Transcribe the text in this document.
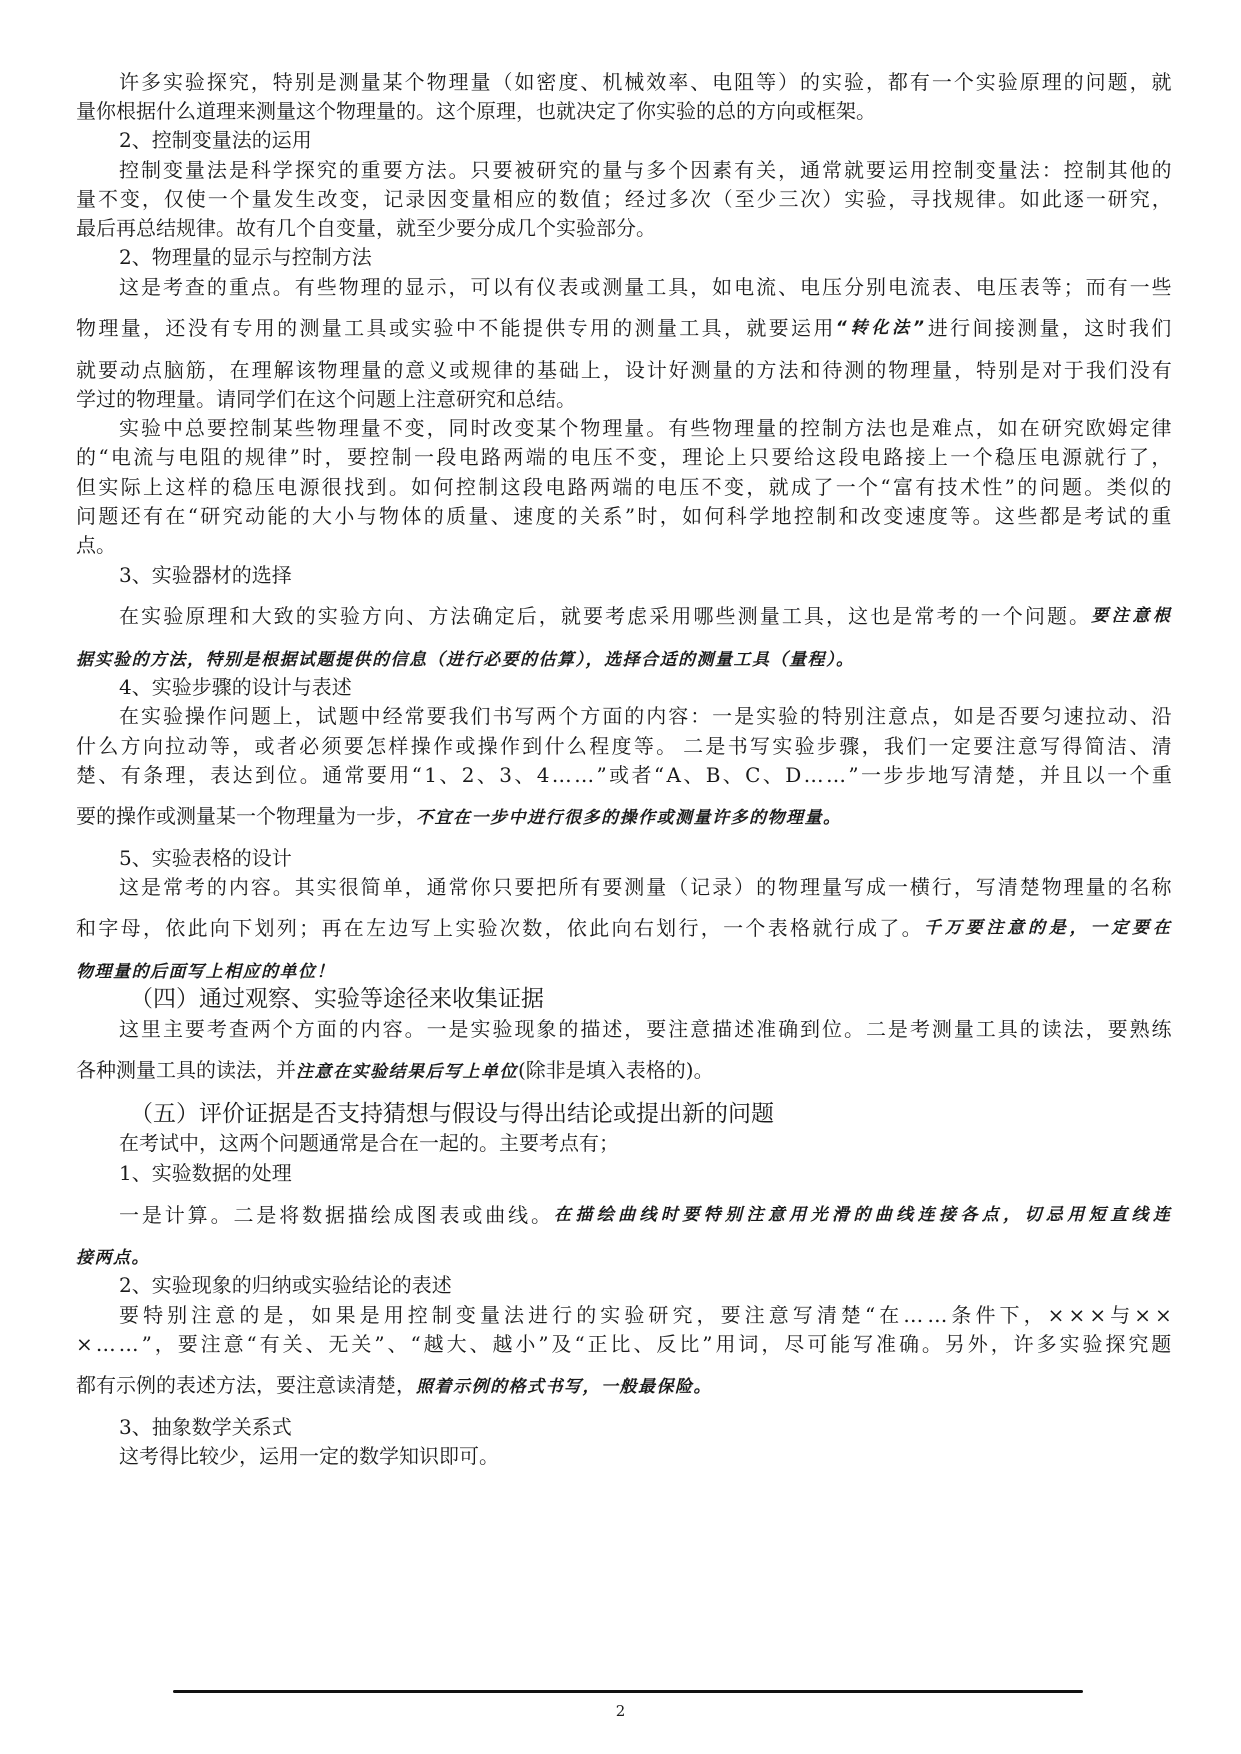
许 多 实 验 探 究 ， 特 别 是 测 量 某 个 物 理 量 （ 如 密 度 、 机 械 效 率 、 电 阻 等 ） 的 实 验 ， 都 有 一 个 实 验 原 理 的 问 题 ， 就
量你根据什么道理来测量这个物理量的。这个原理，也就决定了你实验的总的方向或框架。
2、控制变量法的运用
控 制 变 量 法 是 科 学 探 究 的 重 要 方 法 。 只 要 被 研 究 的 量 与 多 个 因 素 有 关 ， 通 常 就 要 运 用 控 制 变 量 法 ： 控 制 其 他 的
量 不 变 ， 仅 使 一 个 量 发 生 改 变 ， 记 录 因 变 量 相 应 的 数 值 ； 经 过 多 次 （ 至 少 三 次 ） 实 验 ， 寻 找 规 律 。 如 此 逐 一 研 究 ，
最后再总结规律。故有几个自变量，就至少要分成几个实验部分。
2、物理量的显示与控制方法
这 是 考 查 的 重 点 。 有 些 物 理 的 显 示 ， 可 以 有 仪 表 或 测 量 工 具 ， 如 电 流 、 电 压 分 别 电 流 表 、 电 压 表 等 ； 而 有 一 些
物 理 量 ， 还 没 有 专 用 的 测 量 工 具 或 实 验 中 不 能 提 供 专 用 的 测 量 工 具 ， 就 要 运 用 “ 转 化 法 ” 进 行 间 接 测 量 ， 这 时 我 们
就 要 动 点 脑 筋 ， 在 理 解 该 物 理 量 的 意 义 或 规 律 的 基 础 上 ， 设 计 好 测 量 的 方 法 和 待 测 的 物 理 量 ， 特 别 是 对 于 我 们 没 有
学过的物理量。请同学们在这个问题上注意研究和总结。
实 验 中 总 要 控 制 某 些 物 理 量 不 变 ， 同 时 改 变 某 个 物 理 量 。 有 些 物 理 量 的 控 制 方 法 也 是 难 点 ， 如 在 研 究 欧 姆 定 律
的 “ 电 流 与 电 阻 的 规 律 ” 时 ， 要 控 制 一 段 电 路 两 端 的 电 压 不 变 ， 理 论 上 只 要 给 这 段 电 路 接 上 一 个 稳 压 电 源 就 行 了 ，
但 实 际 上 这 样 的 稳 压 电 源 很 找 到 。 如 何 控 制 这 段 电 路 两 端 的 电 压 不 变 ， 就 成 了 一 个 “ 富 有 技 术 性 ” 的 问 题 。 类 似 的
问 题 还 有 在 “ 研 究 动 能 的 大 小 与 物 体 的 质 量 、 速 度 的 关 系 ” 时 ， 如 何 科 学 地 控 制 和 改 变 速 度 等 。 这 些 都 是 考 试 的 重
点。
3、实验器材的选择
在 实 验 原 理 和 大 致 的 实 验 方 向 、 方 法 确 定 后 ， 就 要 考 虑 采 用 哪 些 测 量 工 具 ， 这 也 是 常 考 的 一 个 问 题 。 要 注 意 根
据实验的方法，特别是根据试题提供的信息（进行必要的估算），选择合适的测量工具（量程）。
4、实验步骤的设计与表述
在 实 验 操 作 问 题 上 ， 试 题 中 经 常 要 我 们 书 写 两 个 方 面 的 内 容 ： 一 是 实 验 的 特 别 注 意 点 ， 如 是 否 要 匀 速 拉 动 、 沿
什 么 方 向 拉 动 等 ， 或 者 必 须 要 怎 样 操 作 或 操 作 到 什 么 程 度 等 。 二 是 书 写 实 验 步 骤 ， 我 们 一 定 要 注 意 写 得 简 洁 、 清
楚 、 有 条 理 ， 表 达 到 位 。 通 常 要 用 “ 1 、 2 、 3 、 4 … … ” 或 者 “ A 、 B 、 C 、 D … … ” 一 步 步 地 写 清 楚 ， 并 且 以 一 个 重
要的操作或测量某一个物理量为一步，不宜在一步中进行很多的操作或测量许多的物理量。
5、实验表格的设计
这 是 常 考 的 内 容 。 其 实 很 简 单 ， 通 常 你 只 要 把 所 有 要 测 量 （ 记 录 ） 的 物 理 量 写 成 一 横 行 ， 写 清 楚 物 理 量 的 名 称
和 字 母 ， 依 此 向 下 划 列 ； 再 在 左 边 写 上 实 验 次 数 ， 依 此 向 右 划 行 ， 一 个 表 格 就 行 成 了 。 千 万 要 注 意 的 是 ， 一 定 要 在
物理量的后面写上相应的单位！
（四）通过观察、实验等途径来收集证据
这 里 主 要 考 查 两 个 方 面 的 内 容 。 一 是 实 验 现 象 的 描 述 ， 要 注 意 描 述 准 确 到 位 。 二 是 考 测 量 工 具 的 读 法 ， 要 熟 练
各种测量工具的读法，并注意在实验结果后写上单位(除非是填入表格的)。
（五）评价证据是否支持猜想与假设与得出结论或提出新的问题
在考试中，这两个问题通常是合在一起的。主要考点有；
1、实验数据的处理
一 是 计 算 。 二 是 将 数 据 描 绘 成 图 表 或 曲 线 。 在 描 绘 曲 线 时 要 特 别 注 意 用 光 滑 的 曲 线 连 接 各 点 ， 切 忌 用 短 直 线 连
接两点。
2、实验现象的归纳或实验结论的表述
要 特 别 注 意 的 是 ， 如 果 是 用 控 制 变 量 法 进 行 的 实 验 研 究 ， 要 注 意 写 清 楚 “ 在 … … 条 件 下 ， × × × 与 × ×
× … … ” ， 要 注 意 “ 有 关 、 无 关 ” 、 “ 越 大 、 越 小 ” 及 “ 正 比 、 反 比 ” 用 词 ， 尽 可 能 写 准 确 。 另 外 ， 许 多 实 验 探 究 题
都有示例的表述方法，要注意读清楚，照着示例的格式书写，一般最保险。
3、抽象数学关系式
这考得比较少，运用一定的数学知识即可。
2
